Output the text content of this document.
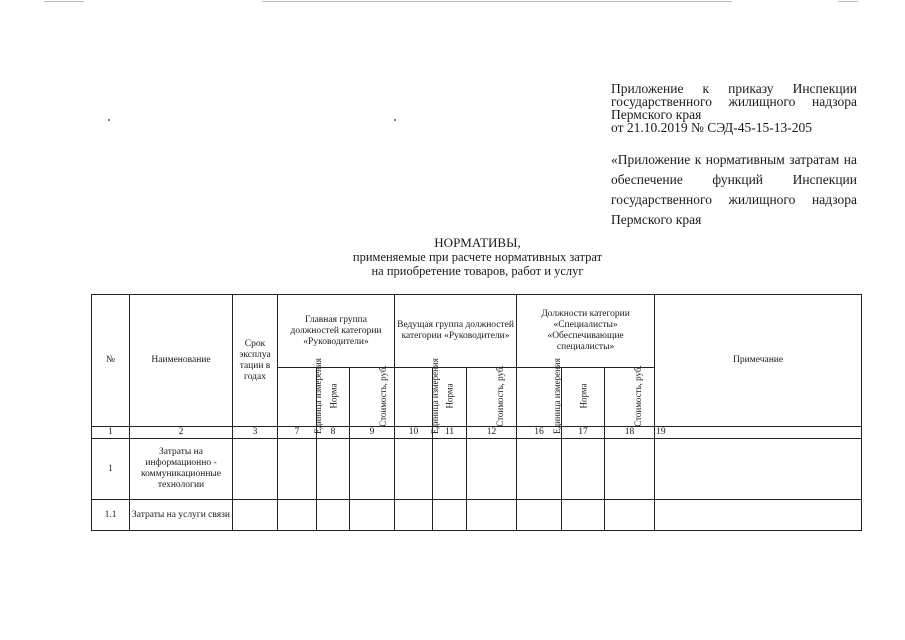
Приложение к приказу Инспекции государственного жилищного надзора Пермского края
от 21.10.2019 № СЭД-45-15-13-205
«Приложение к нормативным затратам на обеспечение функций Инспекции государственного жилищного надзора Пермского края
НОРМАТИВЫ,
применяемые при расчете нормативных затрат
на приобретение товаров, работ и услуг
№	Наименование	Срок эксплуа тации в годах	Главная группа должностей категории «Руководители»			Ведущая группа должностей категории «Руководители»			Должности категории «Специалисты» «Обеспечивающие специалисты»			Примечание
			Единица измерения	Норма	Стоимость, руб.	Единица измерения	Норма	Стоимость, руб.	Единица измерения	Норма	Стоимость, руб.	
1	2	3	7	8	9	10	11	12	16	17	18	19
1	Затраты на информационно - коммуникационные технологии											
1.1	Затраты на услуги связи											
